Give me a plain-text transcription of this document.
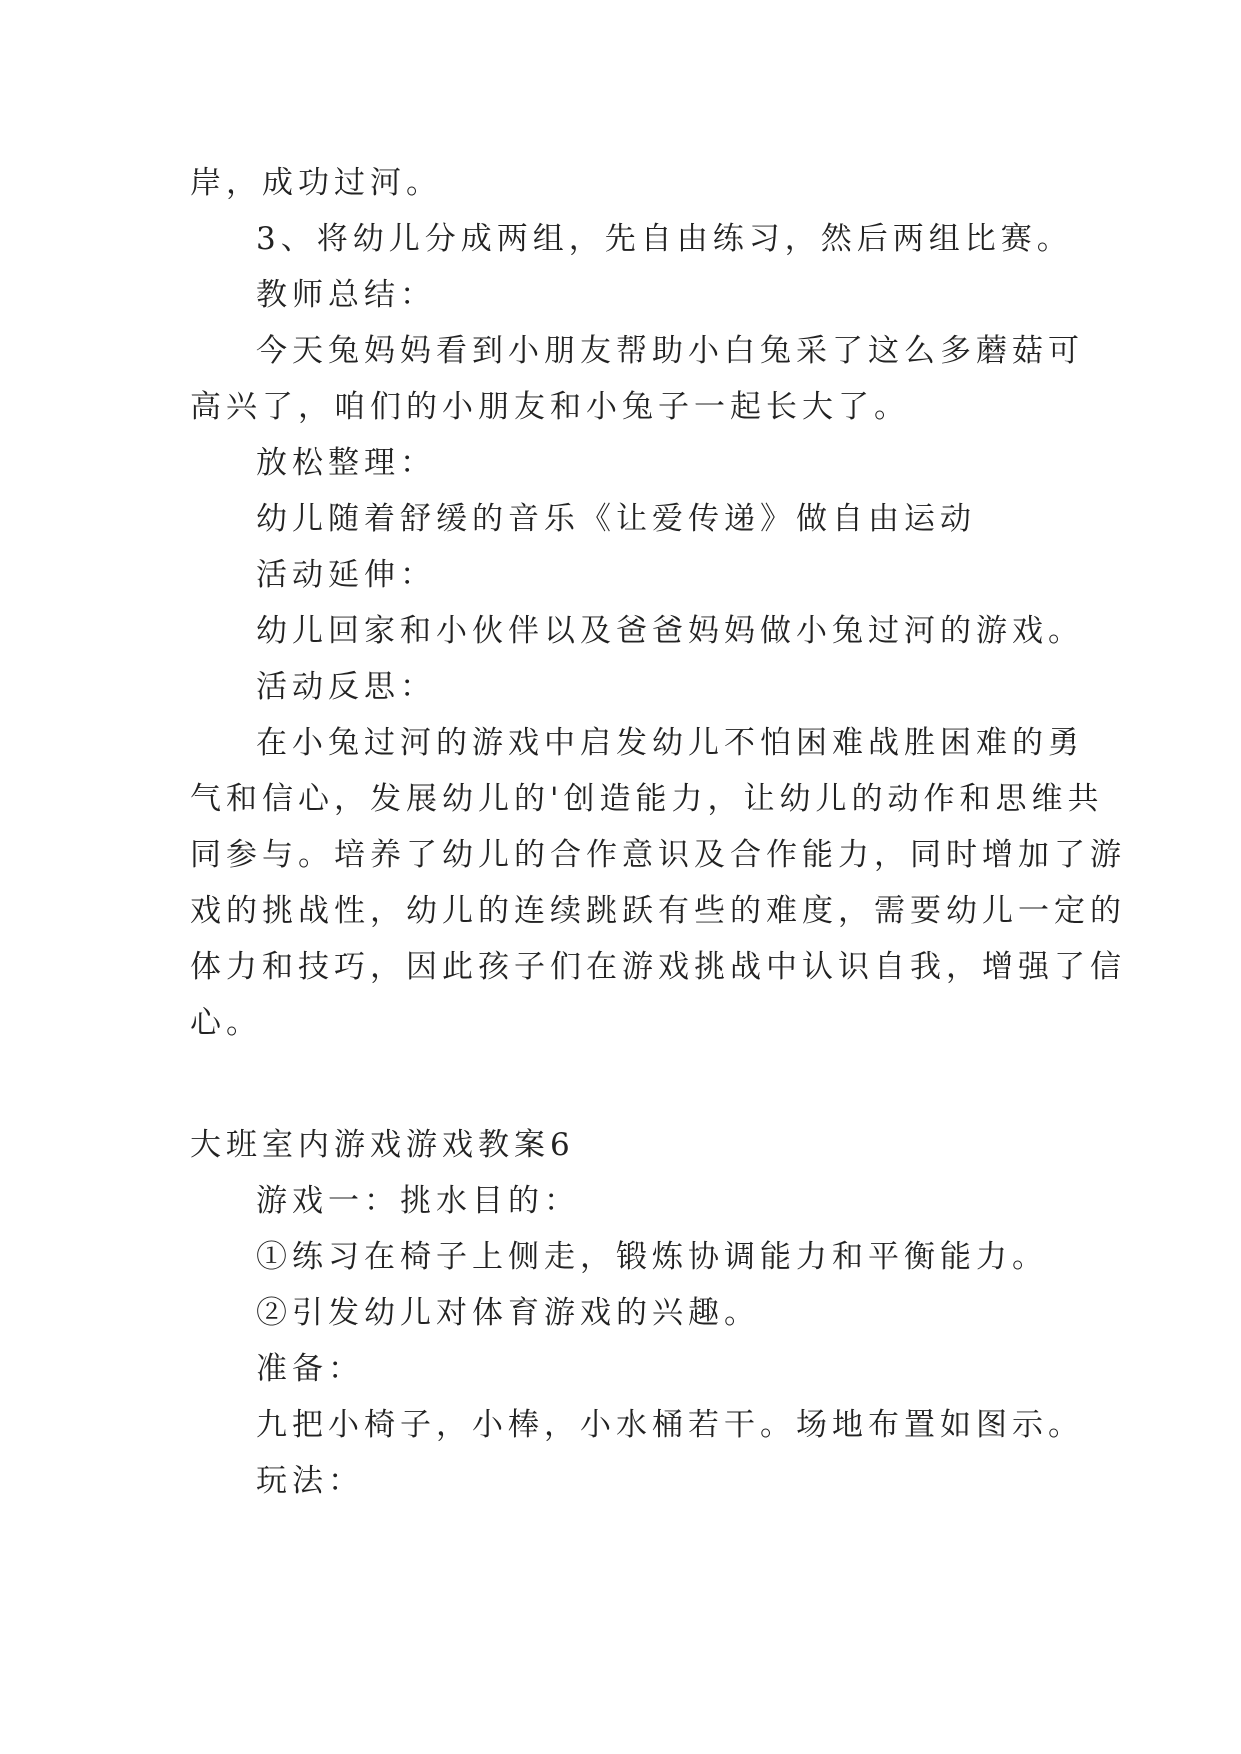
岸，成功过河。
3、将幼儿分成两组，先自由练习，然后两组比赛。
教师总结：
今天兔妈妈看到小朋友帮助小白兔采了这么多蘑菇可
高兴了，咱们的小朋友和小兔子一起长大了。
放松整理：
幼儿随着舒缓的音乐《让爱传递》做自由运动
活动延伸：
幼儿回家和小伙伴以及爸爸妈妈做小兔过河的游戏。
活动反思：
在小兔过河的游戏中启发幼儿不怕困难战胜困难的勇
气和信心，发展幼儿的'创造能力，让幼儿的动作和思维共
同参与。培养了幼儿的合作意识及合作能力，同时增加了游
戏的挑战性，幼儿的连续跳跃有些的难度，需要幼儿一定的
体力和技巧，因此孩子们在游戏挑战中认识自我，增强了信
心。
大班室内游戏游戏教案6
游戏一：挑水目的：
①练习在椅子上侧走，锻炼协调能力和平衡能力。
②引发幼儿对体育游戏的兴趣。
准备：
九把小椅子，小棒，小水桶若干。场地布置如图示。
玩法：
